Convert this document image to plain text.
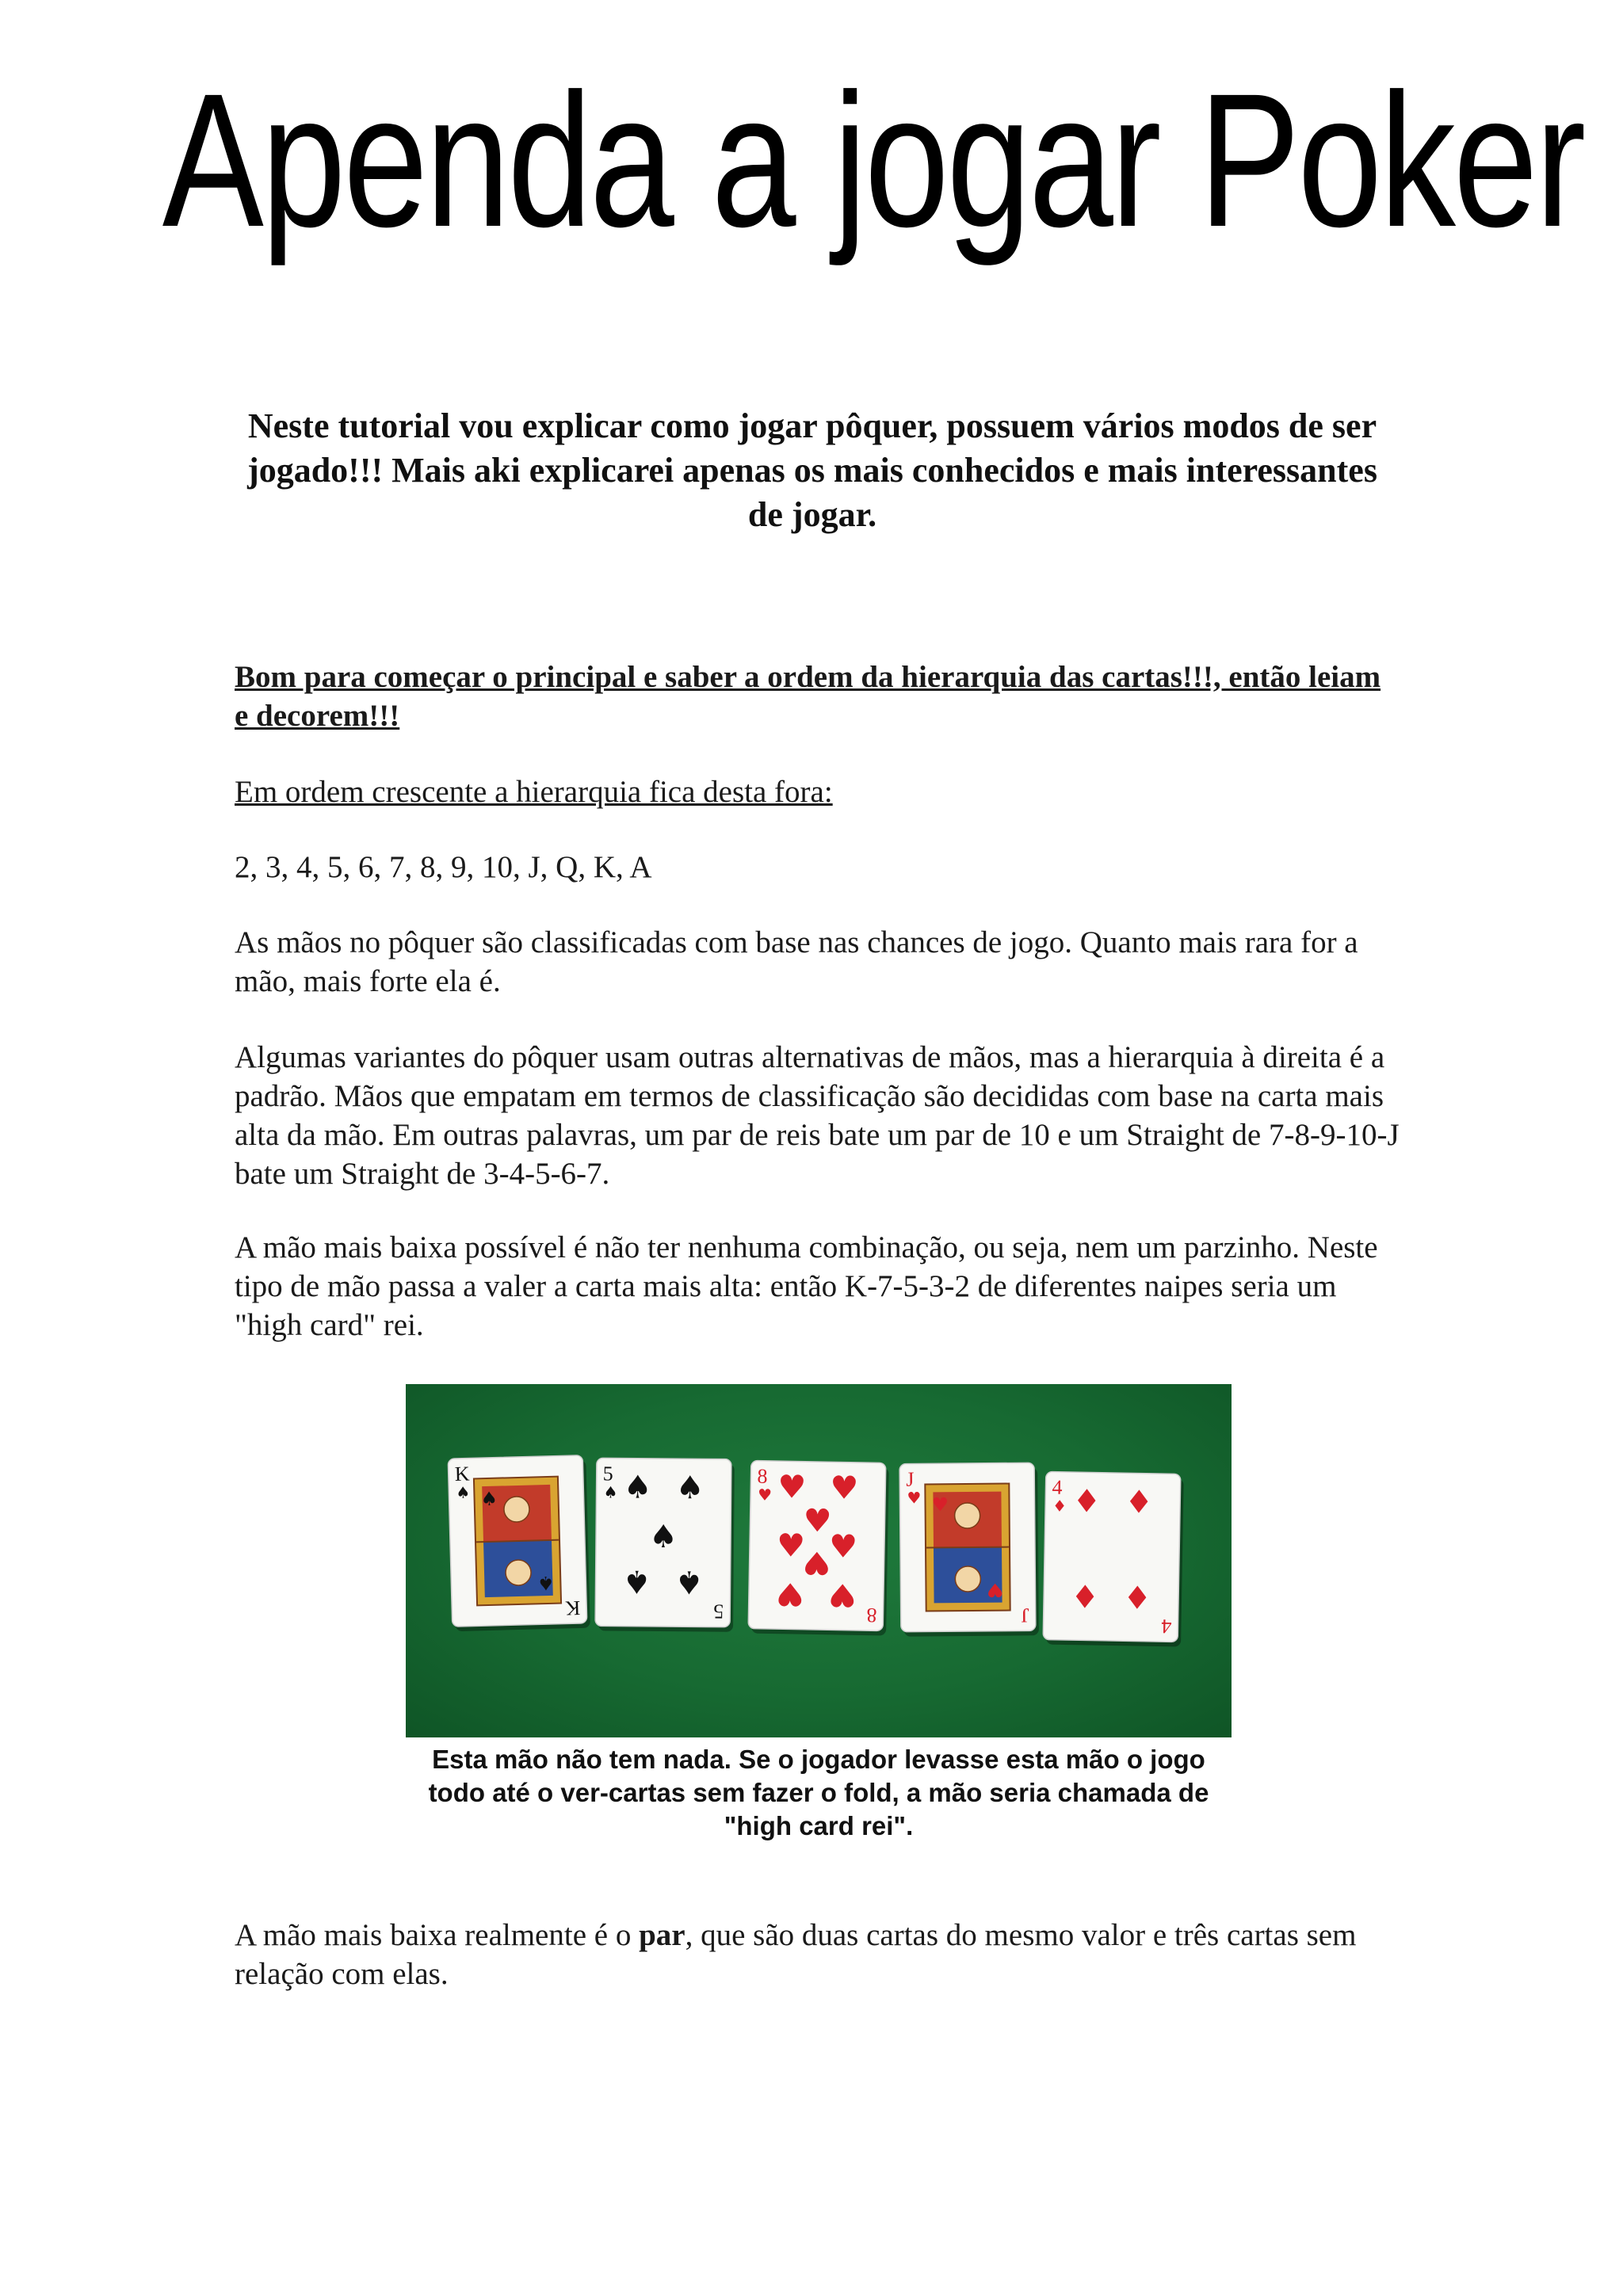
Apenda a jogar Poker
Neste tutorial vou explicar como jogar pôquer, possuem vários modos de ser jogado!!! Mais aki explicarei apenas os mais conhecidos e mais interessantes de jogar.
Bom para começar o principal e saber a ordem da hierarquia das cartas!!!, então leiam e decorem!!!
Em ordem crescente a hierarquia fica desta fora:
2, 3, 4, 5, 6, 7, 8, 9, 10, J, Q, K, A
As mãos no pôquer são classificadas com base nas chances de jogo. Quanto mais rara for a mão, mais forte ela é.
Algumas variantes do pôquer usam outras alternativas de mãos, mas a hierarquia à direita é a padrão. Mãos que empatam em termos de classificação são decididas com base na carta mais alta da mão. Em outras palavras, um par de reis bate um par de 10 e um Straight de 7-8-9-10-J bate um Straight de 3-4-5-6-7.
A mão mais baixa possível é não ter nenhuma combinação, ou seja, nem um parzinho. Neste tipo de mão passa a valer a carta mais alta: então K-7-5-3-2 de diferentes naipes seria um "high card" rei.
K
♠
K
♠
♠
5
♠
5
♠ ♠
♠
♠ ♠
8
♥
8
♥ ♥
♥
♥ ♥
♥
♥ ♥
J
♥
J
♥
♥
4
♦
4
♦ ♦
♦ ♦
Esta mão não tem nada. Se o jogador levasse esta mão o jogo todo até o ver-cartas sem fazer o fold, a mão seria chamada de "high card rei".
A mão mais baixa realmente é o par, que são duas cartas do mesmo valor e três cartas sem relação com elas.
